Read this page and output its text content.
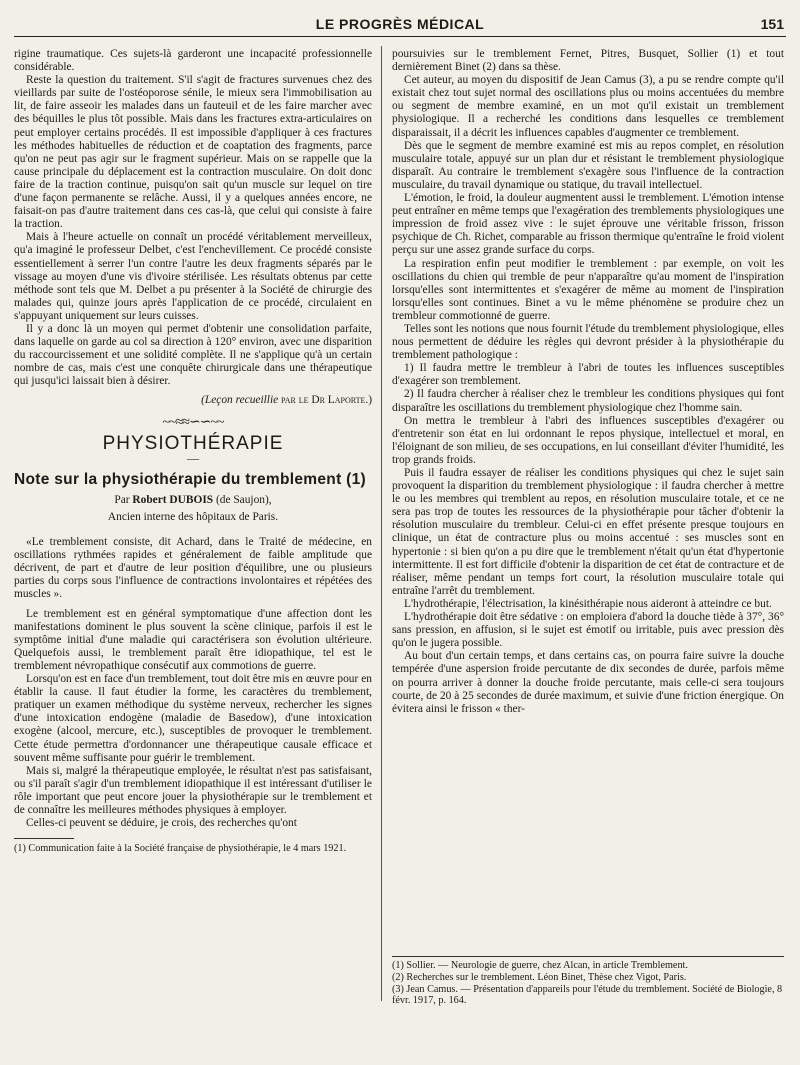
LE PROGRÈS MÉDICAL	151

rigine traumatique. Ces sujets-là garderont une incapacité professionnelle considérable.

Reste la question du traitement. S'il s'agit de fractures survenues chez des vieillards par suite de l'ostéoporose sénile, le mieux sera l'immobilisation au lit, de faire asseoir les malades dans un fauteuil et de les faire marcher avec des béquilles le plus tôt possible. Mais dans les fractures extra-articulaires on peut employer certains procédés. Il est impossible d'appliquer à ces fractures les méthodes habituelles de réduction et de coaptation des fragments, parce qu'on ne peut pas agir sur le fragment supérieur. Mais on se rappelle que la cause principale du déplacement est la contraction musculaire. On doit donc faire de la traction continue, puisqu'on sait qu'un muscle sur lequel on tire d'une façon permanente se relâche. Aussi, il y a quelques années encore, ne faisait-on pas d'autre traitement dans ces cas-là, que celui qui consiste à faire la traction.

Mais à l'heure actuelle on connaît un procédé véritablement merveilleux, qu'a imaginé le professeur Delbet, c'est l'enchevillement. Ce procédé consiste essentiellement à serrer l'un contre l'autre les deux fragments séparés par le vissage au moyen d'une vis d'ivoire stérilisée. Les résultats obtenus par cette méthode sont tels que M. Delbet a pu présenter à la Société de chirurgie des malades qui, quinze jours après l'application de ce procédé, circulaient en s'appuyant uniquement sur leurs cuisses.

Il y a donc là un moyen qui permet d'obtenir une consolidation parfaite, dans laquelle on garde au col sa direction à 120° environ, avec une disparition du raccourcissement et une solidité complète. Il ne s'applique qu'à un certain nombre de cas, mais c'est une conquête chirurgicale dans une thérapeutique qui jusqu'ici laissait bien à désirer.

(Leçon recueillie par le Dr Laporte.)

~~≈≈∽∽~~
PHYSIOTHÉRAPIE
—
Note sur la physiothérapie du tremblement (1)
Par Robert DUBOIS (de Saujon),
Ancien interne des hôpitaux de Paris.

«Le tremblement consiste, dit Achard, dans le Traité de médecine, en oscillations rythmées rapides et généralement de faible amplitude que décrivent, de part et d'autre de leur position d'équilibre, une ou plusieurs parties du corps sous l'influence de contractions involontaires et répétées des muscles ».

Le tremblement est en général symptomatique d'une affection dont les manifestations dominent le plus souvent la scène clinique, parfois il est le symptôme initial d'une maladie qui caractérisera son évolution ultérieure. Quelquefois aussi, le tremblement paraît être idiopathique, tel est le tremblement névropathique consécutif aux commotions de guerre.

Lorsqu'on est en face d'un tremblement, tout doit être mis en œuvre pour en établir la cause. Il faut étudier la forme, les caractères du tremblement, pratiquer un examen méthodique du système nerveux, rechercher les signes d'une intoxication endogène (maladie de Basedow), d'une intoxication exogène (alcool, mercure, etc.), susceptibles de provoquer le tremblement. Cette étude permettra d'ordonnancer une thérapeutique causale efficace et souvent même suffisante pour guérir le tremblement.

Mais si, malgré la thérapeutique employée, le résultat n'est pas satisfaisant, ou s'il paraît s'agir d'un tremblement idiopathique il est intéressant d'utiliser le rôle important que peut encore jouer la physiothérapie sur le tremblement et de connaître les meilleures méthodes physiques à employer.

Celles-ci peuvent se déduire, je crois, des recherches qu'ont

(1) Communication faite à la Société française de physiothérapie, le 4 mars 1921.

poursuivies sur le tremblement Fernet, Pitres, Busquet, Sollier (1) et tout dernièrement Binet (2) dans sa thèse.

Cet auteur, au moyen du dispositif de Jean Camus (3), a pu se rendre compte qu'il existait chez tout sujet normal des oscillations plus ou moins accentuées du membre ou segment de membre examiné, en un mot qu'il existait un tremblement physiologique. Il a recherché les conditions dans lesquelles ce tremblement disparaissait, il a décrit les influences capables d'augmenter ce tremblement.

Dès que le segment de membre examiné est mis au repos complet, en résolution musculaire totale, appuyé sur un plan dur et résistant le tremblement physiologique disparaît. Au contraire le tremblement s'exagère sous l'influence de la contraction musculaire, du travail dynamique ou statique, du travail intellectuel.

L'émotion, le froid, la douleur augmentent aussi le tremblement. L'émotion intense peut entraîner en même temps que l'exagération des tremblements physiologiques une impression de froid assez vive : le sujet éprouve une véritable frisson, frisson psychique de Ch. Richet, comparable au frisson thermique qu'entraîne le froid violent perçu sur une assez grande surface du corps.

La respiration enfin peut modifier le tremblement : par exemple, on voit les oscillations du chien qui tremble de peur n'apparaître qu'au moment de l'inspiration lorsqu'elles sont intermittentes et s'exagérer de même au moment de l'inspiration lorsqu'elles sont continues. Binet a vu le même phénomène se produire chez un trembleur commotionné de guerre.

Telles sont les notions que nous fournit l'étude du tremblement physiologique, elles nous permettent de déduire les règles qui devront présider à la physiothérapie du tremblement pathologique :

1) Il faudra mettre le trembleur à l'abri de toutes les influences susceptibles d'exagérer son tremblement.

2) Il faudra chercher à réaliser chez le trembleur les conditions physiques qui font disparaître les oscillations du tremblement physiologique chez l'homme sain.

On mettra le trembleur à l'abri des influences susceptibles d'exagérer ou d'entretenir son état en lui ordonnant le repos physique, intellectuel et moral, en l'éloignant de son milieu, de ses occupations, en lui conseillant d'éviter l'humidité, les trop grands froids.

Puis il faudra essayer de réaliser les conditions physiques qui chez le sujet sain provoquent la disparition du tremblement physiologique : il faudra chercher à mettre le ou les membres qui tremblent au repos, en résolution musculaire totale, et ce ne sera pas trop de toutes les ressources de la physiothérapie pour tâcher d'obtenir la résolution musculaire du trembleur. Celui-ci en effet présente presque toujours en clinique, un état de contracture plus ou moins accentué : ses muscles sont en hypertonie : si bien qu'on a pu dire que le tremblement n'était qu'un état d'hypertonie intermittente. Il est fort difficile d'obtenir la disparition de cet état de contracture et de réaliser, même pendant un temps fort court, la résolution musculaire totale qui entraîne l'arrêt du tremblement.

L'hydrothérapie, l'électrisation, la kinésithérapie nous aideront à atteindre ce but.

L'hydrothérapie doit être sédative : on emploiera d'abord la douche tiède à 37°, 36° sans pression, en affusion, si le sujet est émotif ou irritable, puis avec pression dès qu'on le jugera possible.

Au bout d'un certain temps, et dans certains cas, on pourra faire suivre la douche tempérée d'une aspersion froide percutante de dix secondes de durée, parfois même on pourra arriver à donner la douche froide percutante, mais celle-ci sera toujours courte, de 20 à 25 secondes de durée maximum, et suivie d'une friction énergique. On évitera ainsi le frisson « ther-

(1) Sollier. — Neurologie de guerre, chez Alcan, in article Tremblement.

(2) Recherches sur le tremblement. Léon Binet, Thèse chez Vigot, Paris.

(3) Jean Camus. — Présentation d'appareils pour l'étude du tremblement. Société de Biologie, 8 févr. 1917, p. 164.
